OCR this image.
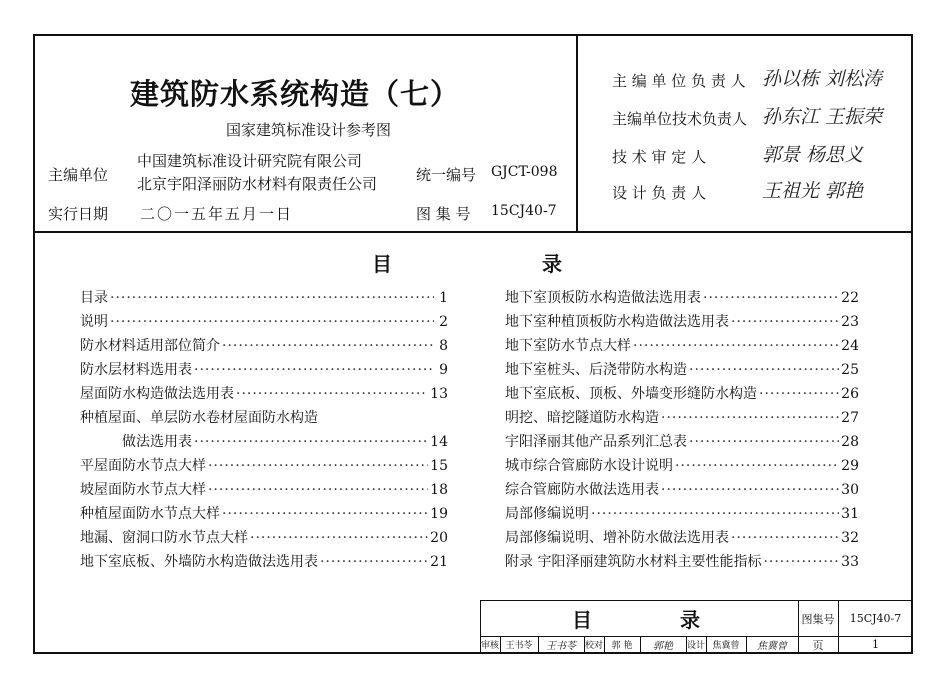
建筑防水系统构造（七）
国家建筑标准设计参考图
主编单位
中国建筑标准设计研究院有限公司
北京宇阳泽丽防水材料有限责任公司
实行日期 二〇一五年五月一日
统一编号 GJCT-098
图 集 号 15CJ40-7
主 编 单 位 负 责 人 孙以栋 刘松涛
主编单位技术负责人 孙东江 王振荣
技 术 审 定 人	郭景 杨思义
设 计 负 责 人	王祖光 郭艳
目	录
目录 ·····	1
说明 ·····	2
防水材料适用部位简介 ·····	8
防水层材料选用表 ·····	9
屋面防水构造做法选用表 ·····	13
种植屋面、单层防水卷材屋面防水构造
做法选用表 ·····	14
平屋面防水节点大样 ·····	15
坡屋面防水节点大样 ·····	18
种植屋面防水节点大样 ·····	19
地漏、窗洞口防水节点大样 ·····	20
地下室底板、外墙防水构造做法选用表 ·····	21
地下室顶板防水构造做法选用表 ·····	22
地下室种植顶板防水构造做法选用表 ·····	23
地下室防水节点大样 ·····	24
地下室桩头、后浇带防水构造 ·····	25
地下室底板、顶板、外墙变形缝防水构造 ·····	26
明挖、暗挖隧道防水构造 ·····	27
宇阳泽丽其他产品系列汇总表 ·····	28
城市综合管廊防水设计说明 ·····	29
综合管廊防水做法选用表 ·····	30
局部修编说明 ·····	31
局部修编说明、增补防水做法选用表 ·····	32
附录 宇阳泽丽建筑防水材料主要性能指标 ·····	33
目	录	图集号	15CJ40-7
页	1
审核 王书苓	王书苓 校对 郭 艳	郭艳	设计 焦冀曾	焦冀曾
